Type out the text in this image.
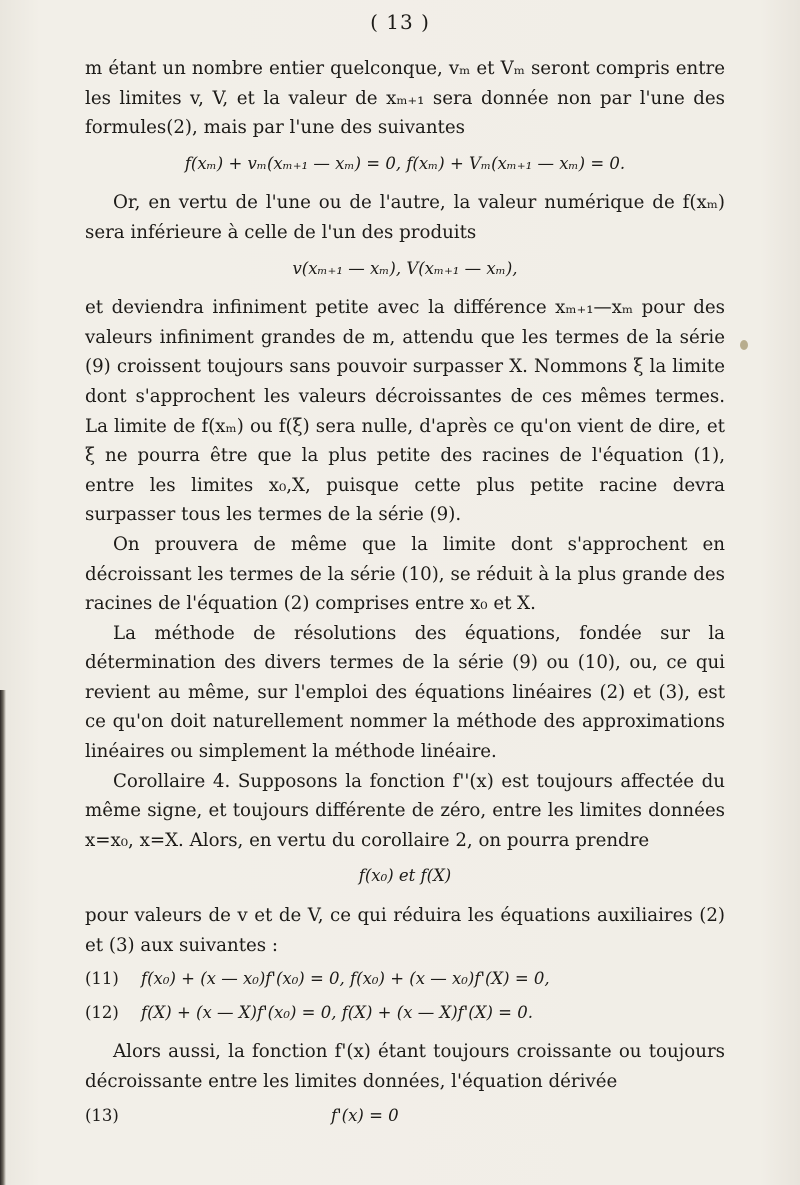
( 13 )

m étant un nombre entier quelconque, vₘ et Vₘ seront compris entre les limites v, V, et la valeur de xₘ₊₁ sera donnée non par l'une des formules(2), mais par l'une des suivantes

f(xₘ) + vₘ(xₘ₊₁ — xₘ) = 0, f(xₘ) + Vₘ(xₘ₊₁ — xₘ) = 0.

Or, en vertu de l'une ou de l'autre, la valeur numérique de f(xₘ) sera inférieure à celle de l'un des produits

v(xₘ₊₁ — xₘ), V(xₘ₊₁ — xₘ),

et deviendra infiniment petite avec la différence xₘ₊₁—xₘ pour des valeurs infiniment grandes de m, attendu que les termes de la série (9) croissent toujours sans pouvoir surpasser X. Nommons ξ la limite dont s'approchent les valeurs décroissantes de ces mêmes termes. La limite de f(xₘ) ou f(ξ) sera nulle, d'après ce qu'on vient de dire, et ξ ne pourra être que la plus petite des racines de l'équation (1), entre les limites x₀,X, puisque cette plus petite racine devra surpasser tous les termes de la série (9).

On prouvera de même que la limite dont s'approchent en décroissant les termes de la série (10), se réduit à la plus grande des racines de l'équation (2) comprises entre x₀ et X.

La méthode de résolutions des équations, fondée sur la détermination des divers termes de la série (9) ou (10), ou, ce qui revient au même, sur l'emploi des équations linéaires (2) et (3), est ce qu'on doit naturellement nommer la méthode des approximations linéaires ou simplement la méthode linéaire.

Corollaire 4. Supposons la fonction f''(x) est toujours affectée du même signe, et toujours différente de zéro, entre les limites données x=x₀, x=X. Alors, en vertu du corollaire 2, on pourra prendre

f(x₀) et f(X)

pour valeurs de v et de V, ce qui réduira les équations auxiliaires (2) et (3) aux suivantes :

(11)	f(x₀) + (x — x₀)f'(x₀) = 0, f(x₀) + (x — x₀)f'(X) = 0,
(12)	f(X) + (x — X)f'(x₀) = 0, f(X) + (x — X)f'(X) = 0.

Alors aussi, la fonction f'(x) étant toujours croissante ou toujours décroissante entre les limites données, l'équation dérivée

(13)	f'(x) = 0
